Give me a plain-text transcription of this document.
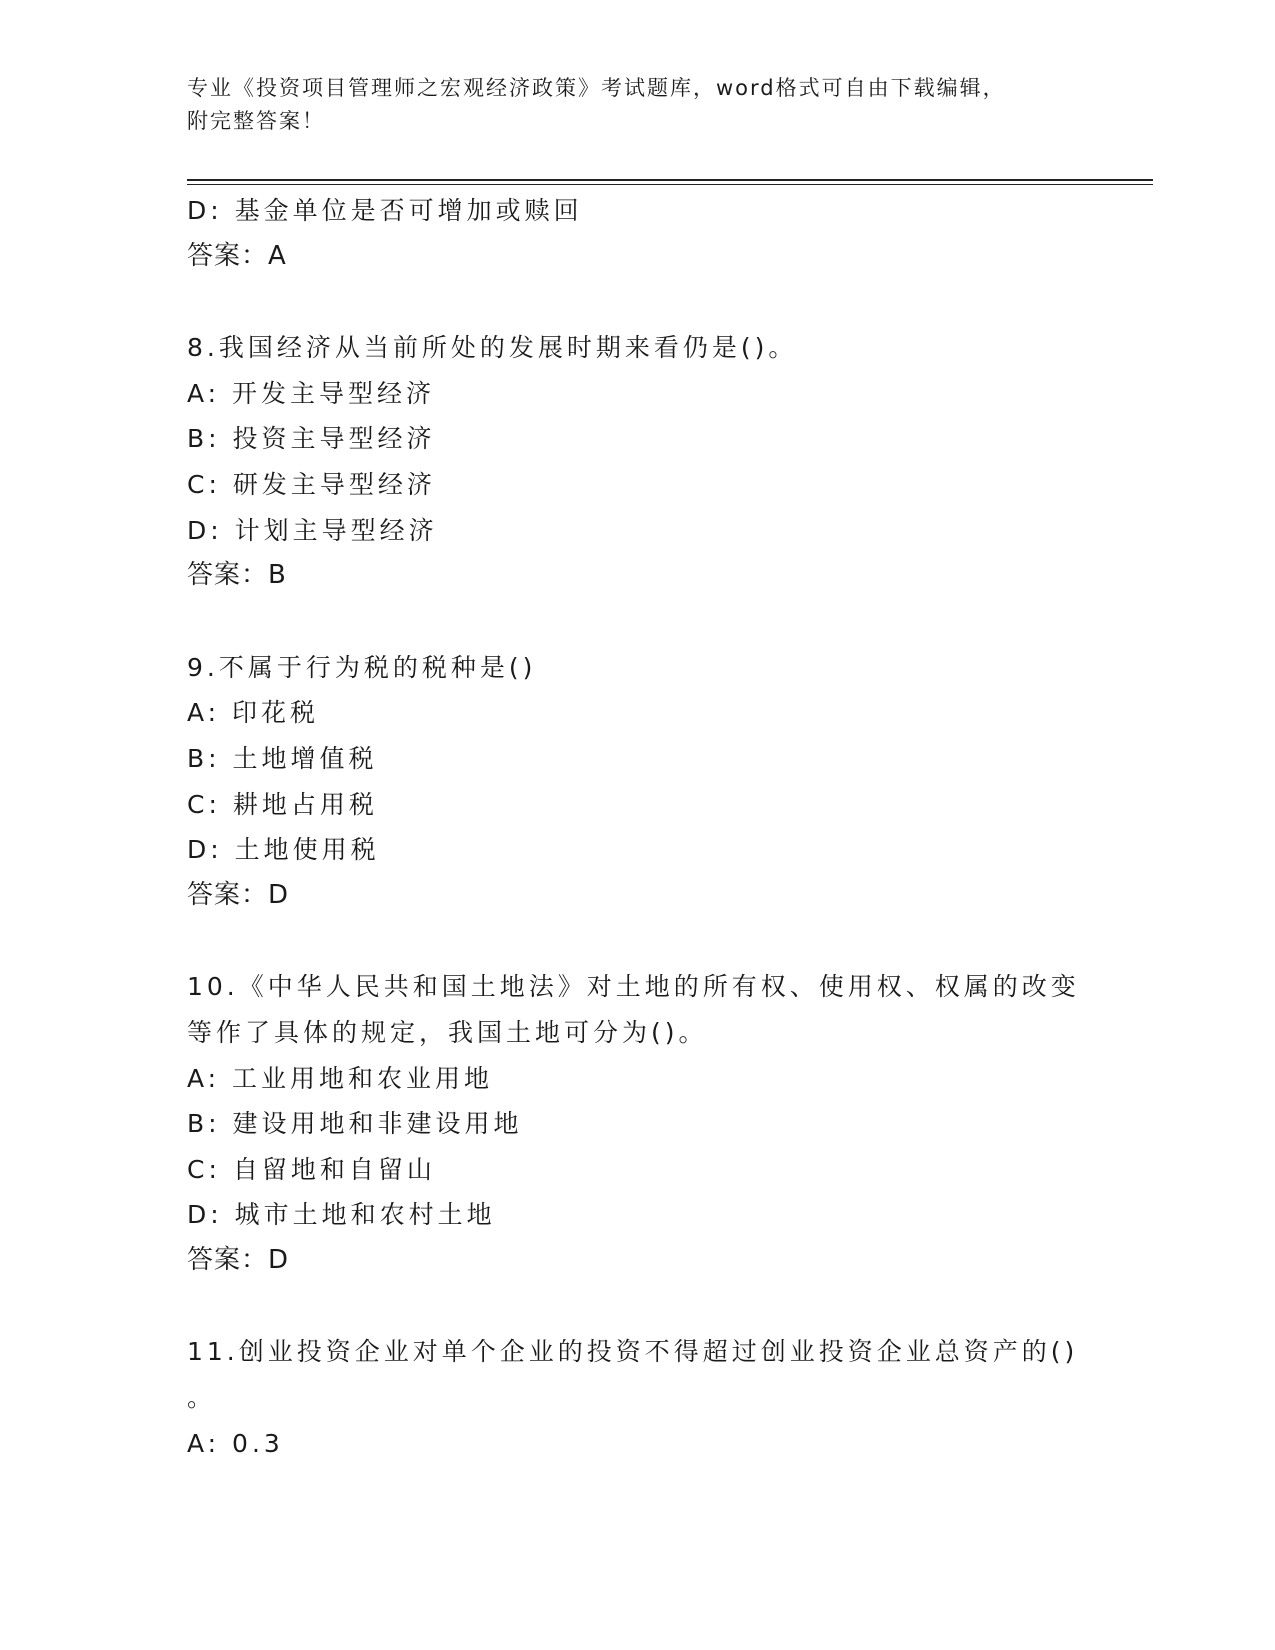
专业《投资项目管理师之宏观经济政策》考试题库，word格式可自由下载编辑，
附完整答案！
D: 基金单位是否可增加或赎回
答案：A
8.我国经济从当前所处的发展时期来看仍是()。
A: 开发主导型经济
B: 投资主导型经济
C: 研发主导型经济
D: 计划主导型经济
答案：B
9.不属于行为税的税种是()
A: 印花税
B: 土地增值税
C: 耕地占用税
D: 土地使用税
答案：D
10.《中华人民共和国土地法》对土地的所有权、使用权、权属的改变
等作了具体的规定，我国土地可分为()。
A: 工业用地和农业用地
B: 建设用地和非建设用地
C: 自留地和自留山
D: 城市土地和农村土地
答案：D
11.创业投资企业对单个企业的投资不得超过创业投资企业总资产的()
。
A: 0.3
